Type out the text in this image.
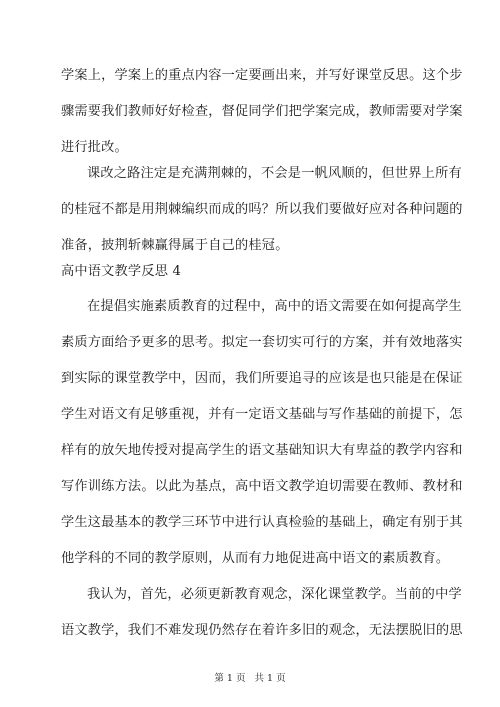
学案上，学案上的重点内容一定要画出来，并写好课堂反思。这个步
骤需要我们教师好好检查，督促同学们把学案完成，教师需要对学案
进行批改。
课改之路注定是充满荆棘的，不会是一帆风顺的，但世界上所有
的桂冠不都是用荆棘编织而成的吗？所以我们要做好应对各种问题的
准备，披荆斩棘赢得属于自己的桂冠。
高中语文教学反思 4
在提倡实施素质教育的过程中，高中的语文需要在如何提高学生
素质方面给予更多的思考。拟定一套切实可行的方案，并有效地落实
到实际的课堂教学中，因而，我们所要追寻的应该是也只能是在保证
学生对语文有足够重视，并有一定语文基础与写作基础的前提下，怎
样有的放矢地传授对提高学生的语文基础知识大有卑益的教学内容和
写作训练方法。以此为基点，高中语文教学迫切需要在教师、教材和
学生这最基本的教学三环节中进行认真检验的基础上，确定有别于其
他学科的不同的教学原则，从而有力地促进高中语文的素质教育。
我认为，首先，必须更新教育观念，深化课堂教学。当前的中学
语文教学，我们不难发现仍然存在着许多旧的观念，无法摆脱旧的思
第 1 页 共 1 页
